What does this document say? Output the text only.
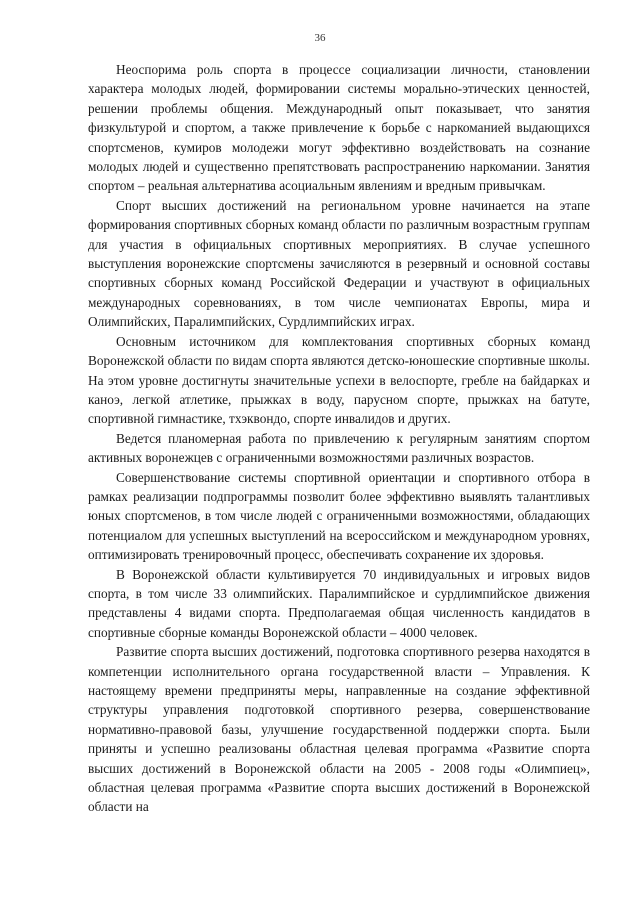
36

Неоспорима роль спорта в процессе социализации личности, становлении характера молодых людей, формировании системы морально-этических ценностей, решении проблемы общения. Международный опыт показывает, что занятия физкультурой и спортом, а также привлечение к борьбе с наркоманией выдающихся спортсменов, кумиров молодежи могут эффективно воздействовать на сознание молодых людей и существенно препятствовать распространению наркомании. Занятия спортом – реальная альтернатива асоциальным явлениям и вредным привычкам.

Спорт высших достижений на региональном уровне начинается на этапе формирования спортивных сборных команд области по различным возрастным группам для участия в официальных спортивных мероприятиях. В случае успешного выступления воронежские спортсмены зачисляются в резервный и основной составы спортивных сборных команд Российской Федерации и участвуют в официальных международных соревнованиях, в том числе чемпионатах Европы, мира и Олимпийских, Паралимпийских, Сурдлимпийских играх.

Основным источником для комплектования спортивных сборных команд Воронежской области по видам спорта являются детско-юношеские спортивные школы. На этом уровне достигнуты значительные успехи в велоспорте, гребле на байдарках и каноэ, легкой атлетике, прыжках в воду, парусном спорте, прыжках на батуте, спортивной гимнастике, тхэквондо, спорте инвалидов и других.

Ведется планомерная работа по привлечению к регулярным занятиям спортом активных воронежцев с ограниченными возможностями различных возрастов.

Совершенствование системы спортивной ориентации и спортивного отбора в рамках реализации подпрограммы позволит более эффективно выявлять талантливых юных спортсменов, в том числе людей с ограниченными возможностями, обладающих потенциалом для успешных выступлений на всероссийском и международном уровнях, оптимизировать тренировочный процесс, обеспечивать сохранение их здоровья.

В Воронежской области культивируется 70 индивидуальных и игровых видов спорта, в том числе 33 олимпийских. Паралимпийское и сурдлимпийское движения представлены 4 видами спорта. Предполагаемая общая численность кандидатов в спортивные сборные команды Воронежской области – 4000 человек.

Развитие спорта высших достижений, подготовка спортивного резерва находятся в компетенции исполнительного органа государственной власти – Управления. К настоящему времени предприняты меры, направленные на создание эффективной структуры управления подготовкой спортивного резерва, совершенствование нормативно-правовой базы, улучшение государственной поддержки спорта. Были приняты и успешно реализованы областная целевая программа «Развитие спорта высших достижений в Воронежской области на 2005 - 2008 годы «Олимпиец», областная целевая программа «Развитие спорта высших достижений в Воронежской области на
